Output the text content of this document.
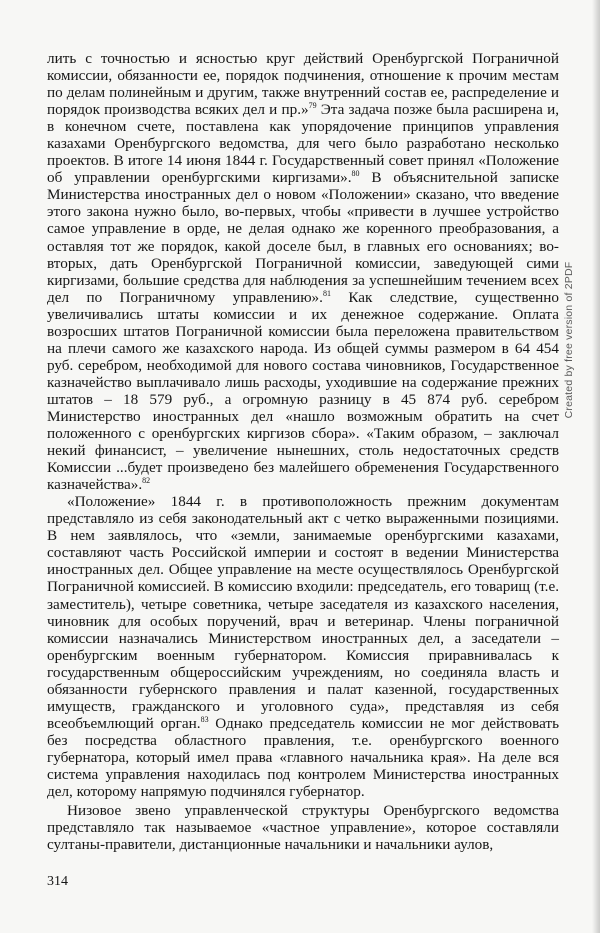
лить с точностью и ясностью круг действий Оренбургской Пограничной комиссии, обязанности ее, порядок подчинения, отношение к прочим местам по делам полинейным и другим, также внутренний состав ее, распределение и порядок производства всяких дел и пр.»$^{79}$ Эта задача позже была расширена и, в конечном счете, поставлена как упорядочение принципов управления казахами Оренбургского ведомства, для чего было разработано несколько проектов. В итоге 14 июня 1844 г. Государственный совет принял «Положение об управлении оренбургскими киргизами».$^{80}$ В объяснительной записке Министерства иностранных дел о новом «Положении» сказано, что введение этого закона нужно было, во-первых, чтобы «привести в лучшее устройство самое управление в орде, не делая однако же коренного преобразования, а оставляя тот же порядок, какой доселе был, в главных его основаниях; во-вторых, дать Оренбургской Пограничной комиссии, заведующей сими киргизами, большие средства для наблюдения за успешнейшим течением всех дел по Пограничному управлению».$^{81}$ Как следствие, существенно увеличивались штаты комиссии и их денежное содержание. Оплата возросших штатов Пограничной комиссии была переложена правительством на плечи самого же казахского народа. Из общей суммы размером в 64 454 руб. серебром, необходимой для нового состава чиновников, Государственное казначейство выплачивало лишь расходы, уходившие на содержание прежних штатов – 18 579 руб., а огромную разницу в 45 874 руб. серебром Министерство иностранных дел «нашло возможным обратить на счет положенного с оренбургских киргизов сбора». «Таким образом, – заключал некий финансист, – увеличение нынешних, столь недостаточных средств Комиссии ...будет произведено без малейшего обременения Государственного казначейства».$^{82}$

«Положение» 1844 г. в противоположность прежним документам представляло из себя законодательный акт с четко выраженными позициями. В нем заявлялось, что «земли, занимаемые оренбургскими казахами, составляют часть Российской империи и состоят в ведении Министерства иностранных дел. Общее управление на месте осуществлялось Оренбургской Пограничной комиссией. В комиссию входили: председатель, его товарищ (т.е. заместитель), четыре советника, четыре заседателя из казахского населения, чиновник для особых поручений, врач и ветеринар. Члены пограничной комиссии назначались Министерством иностранных дел, а заседатели – оренбургским военным губернатором. Комиссия приравнивалась к государственным общероссийским учреждениям, но соединяла власть и обязанности губернского правления и палат казенной, государственных имуществ, гражданского и уголовного суда», представляя из себя всеобъемлющий орган.$^{83}$ Однако председатель комиссии не мог действовать без посредства областного правления, т.е. оренбургского военного губернатора, который имел права «главного начальника края». На деле вся система управления находилась под контролем Министерства иностранных дел, которому напрямую подчинялся губернатор.

Низовое звено управленческой структуры Оренбургского ведомства представляло так называемое «частное управление», которое составляли султаны-правители, дистанционные начальники и начальники аулов,

314
Created by free version of 2PDF
